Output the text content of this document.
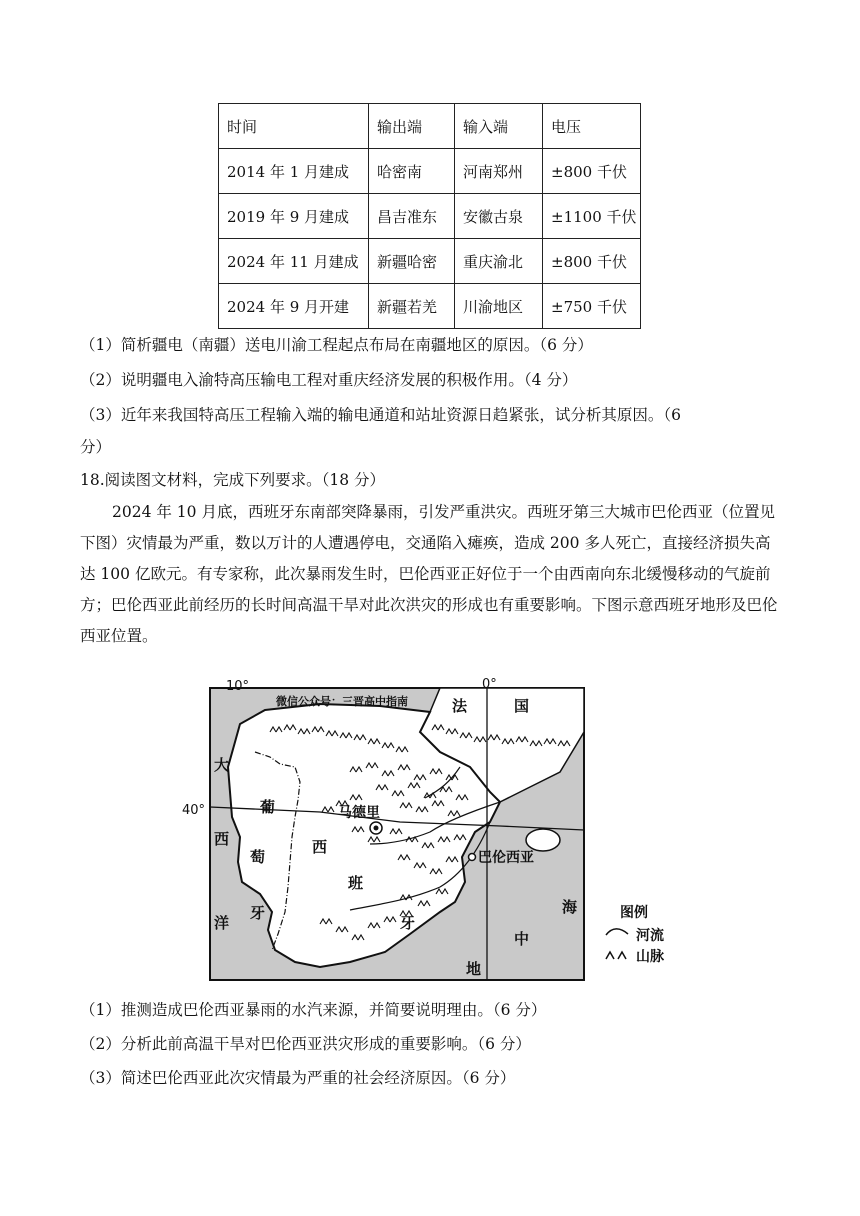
时间	输出端	输入端	电压
2014 年 1 月建成	哈密南	河南郑州	±800 千伏
2019 年 9 月建成	昌吉准东	安徽古泉	±1100 千伏
2024 年 11 月建成	新疆哈密	重庆渝北	±800 千伏
2024 年 9 月开建	新疆若羌	川渝地区	±750 千伏
（1）简析疆电（南疆）送电川渝工程起点布局在南疆地区的原因。（6 分）
（2）说明疆电入渝特高压输电工程对重庆经济发展的积极作用。（4 分）
（3）近年来我国特高压工程输入端的输电通道和站址资源日趋紧张，试分析其原因。（6
分）
18.阅读图文材料，完成下列要求。（18 分）
2024 年 10 月底，西班牙东南部突降暴雨，引发严重洪灾。西班牙第三大城市巴伦西亚（位置见下图）灾情最为严重，数以万计的人遭遇停电，交通陷入瘫痪，造成 200 多人死亡，直接经济损失高达 100 亿欧元。有专家称，此次暴雨发生时，巴伦西亚正好位于一个由西南向东北缓慢移动的气旋前方；巴伦西亚此前经历的长时间高温干旱对此次洪灾的形成也有重要影响。下图示意西班牙地形及巴伦西亚位置。
10°	0°
40°
微信公众号：三晋高中指南	法	国
大
西
洋
葡
萄
牙
西
班
牙
马德里
巴伦西亚
海
中
地
图例
河流
山脉
（1）推测造成巴伦西亚暴雨的水汽来源，并简要说明理由。（6 分）
（2）分析此前高温干旱对巴伦西亚洪灾形成的重要影响。（6 分）
（3）简述巴伦西亚此次灾情最为严重的社会经济原因。（6 分）
